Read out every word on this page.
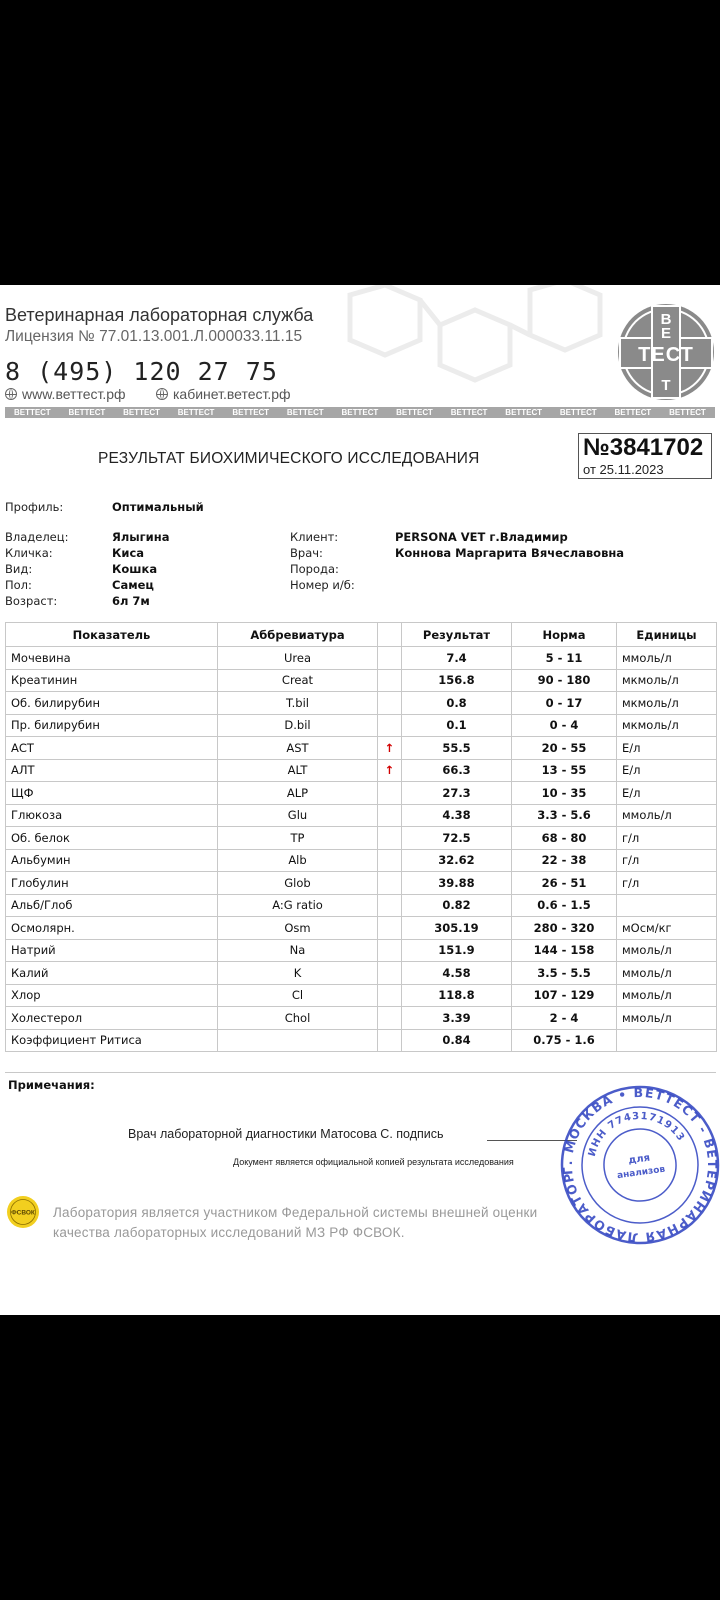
Ветеринарная лабораторная служба
Лицензия № 77.01.13.001.Л.000033.11.15
8 (495) 120 27 75
www.веттест.рф	кабинет.ветест.рф
В
Е
ТЕСТ
Т
ВЕТТЕСТ	ВЕТТЕСТ	ВЕТТЕСТ	ВЕТТЕСТ	ВЕТТЕСТ	ВЕТТЕСТ	ВЕТТЕСТ	ВЕТТЕСТ	ВЕТТЕСТ	ВЕТТЕСТ	ВЕТТЕСТ	ВЕТТЕСТ	ВЕТТЕСТ
РЕЗУЛЬТАТ БИОХИМИЧЕСКОГО ИССЛЕДОВАНИЯ	№3841702
от 25.11.2023
Профиль:	Оптимальный
Владелец:	Ялыгина
Кличка:	Киса
Вид:	Кошка
Пол:	Самец
Возраст:	6л 7м
Клиент:	PERSONA VET г.Владимир
Врач:	Коннова Маргарита Вячеславовна
Порода:
Номер и/б:
Показатель	Аббревиатура		Результат	Норма	Единицы
Мочевина	Urea		7.4	5 - 11	ммоль/л
Креатинин	Creat		156.8	90 - 180	мкмоль/л
Об. билирубин	T.bil		0.8	0 - 17	мкмоль/л
Пр. билирубин	D.bil		0.1	0 - 4	мкмоль/л
АСТ	AST	↑	55.5	20 - 55	Е/л
АЛТ	ALT	↑	66.3	13 - 55	Е/л
ЩФ	ALP		27.3	10 - 35	Е/л
Глюкоза	Glu		4.38	3.3 - 5.6	ммоль/л
Об. белок	TP		72.5	68 - 80	г/л
Альбумин	Alb		32.62	22 - 38	г/л
Глобулин	Glob		39.88	26 - 51	г/л
Альб/Глоб	A:G ratio		0.82	0.6 - 1.5	
Осмолярн.	Osm		305.19	280 - 320	мОсм/кг
Натрий	Na		151.9	144 - 158	ммоль/л
Калий	K		4.58	3.5 - 5.5	ммоль/л
Хлор	Cl		118.8	107 - 129	ммоль/л
Холестерол	Chol		3.39	2 - 4	ммоль/л
Коэффициент Ритиса			0.84	0.75 - 1.6	
Примечания:
Врач лабораторной диагностики Матосова С. подпись
Документ является официальной копией результата исследования
ФСВОК Лаборатория является участником Федеральной системы внешней оценки качества лабораторных исследований МЗ РФ ФСВОК.
Г. МОСКВА • ВЕТТЕСТ - ВЕТЕРИНАРНАЯ ЛАБОРАТОРИЯ
ИНН 7743171913
для
анализов
